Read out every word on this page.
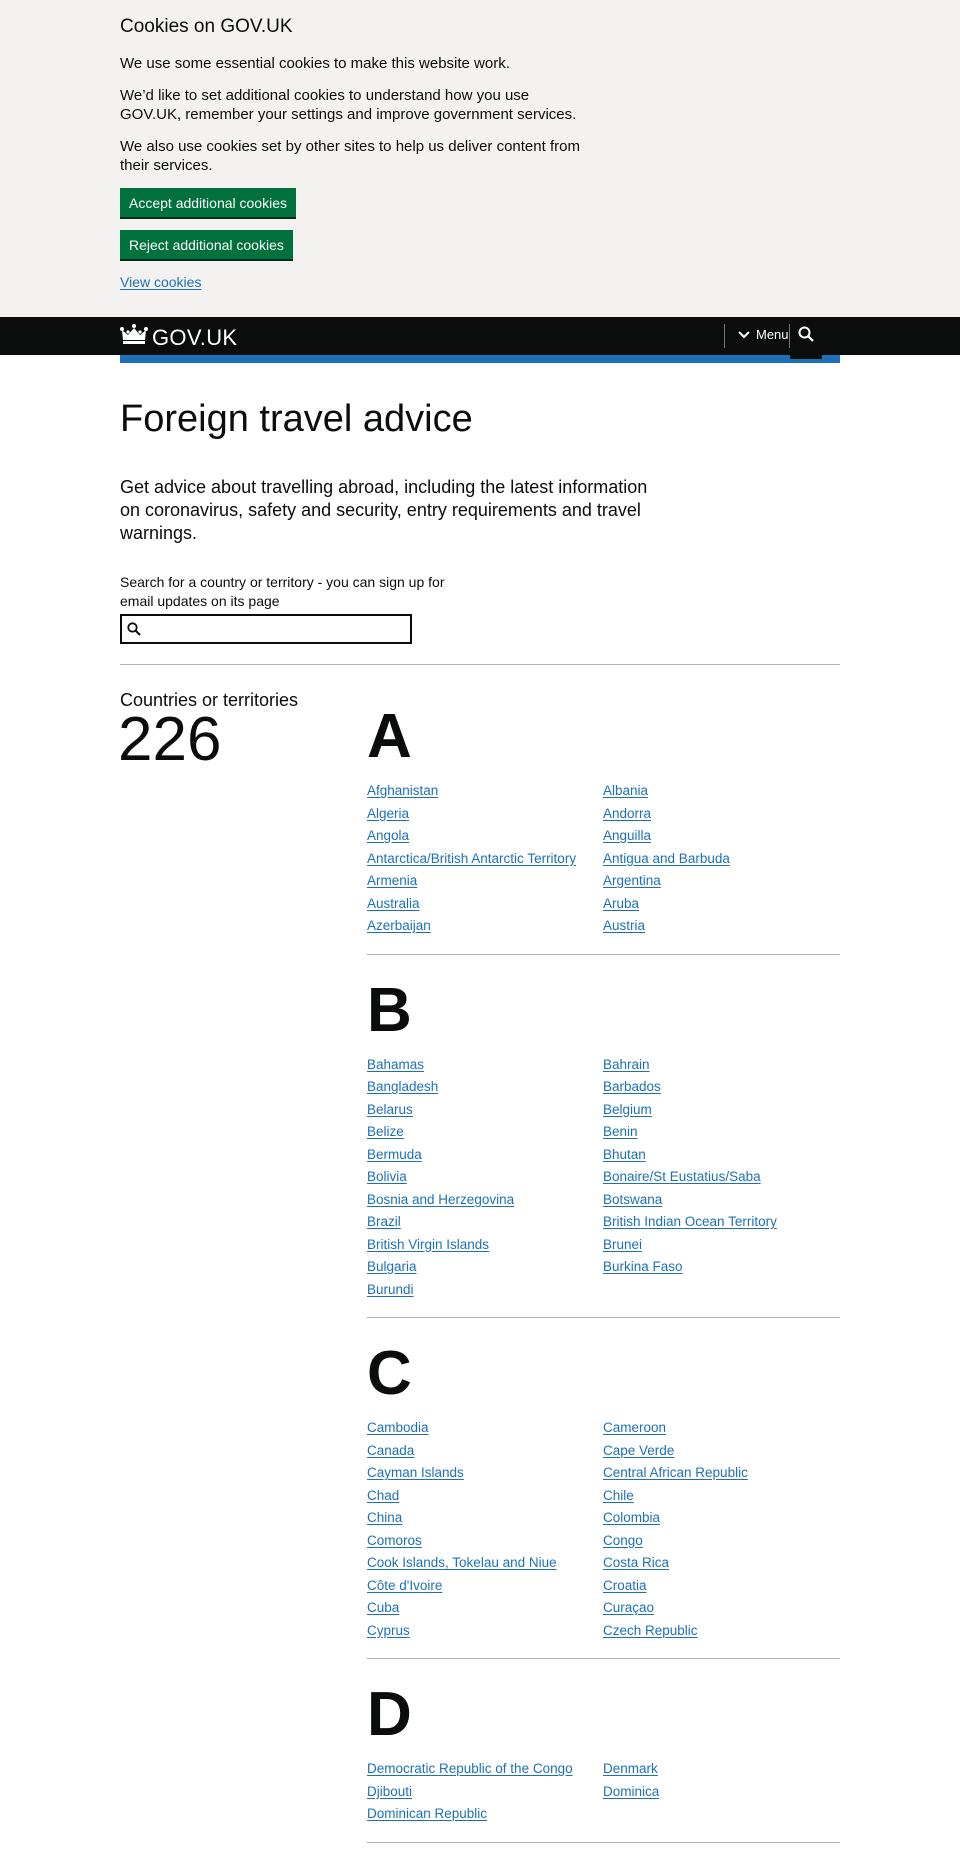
Cookies on GOV.UK

We use some essential cookies to make this website work.

We’d like to set additional cookies to understand how you use GOV.UK, remember your settings and improve government services.

We also use cookies set by other sites to help us deliver content from their services.

Accept additional cookies
Reject additional cookies
View cookies
GOV.UK	Menu
Foreign travel advice

Get advice about travelling abroad, including the latest information on coronavirus, safety and security, entry requirements and travel warnings.

Search for a country or territory - you can sign up for email updates on its page
Countries or territories
226 A
Afghanistan
Algeria
Angola
Antarctica/British Antarctic Territory
Armenia
Australia
Azerbaijan
Albania
Andorra
Anguilla
Antigua and Barbuda
Argentina
Aruba
Austria
B
Bahamas
Bangladesh
Belarus
Belize
Bermuda
Bolivia
Bosnia and Herzegovina
Brazil
British Virgin Islands
Bulgaria
Burundi
Bahrain
Barbados
Belgium
Benin
Bhutan
Bonaire/St Eustatius/Saba
Botswana
British Indian Ocean Territory
Brunei
Burkina Faso
C
Cambodia
Canada
Cayman Islands
Chad
China
Comoros
Cook Islands, Tokelau and Niue
Côte d'Ivoire
Cuba
Cyprus
Cameroon
Cape Verde
Central African Republic
Chile
Colombia
Congo
Costa Rica
Croatia
Curaçao
Czech Republic
D
Democratic Republic of the Congo
Djibouti
Dominican Republic
Denmark
Dominica
